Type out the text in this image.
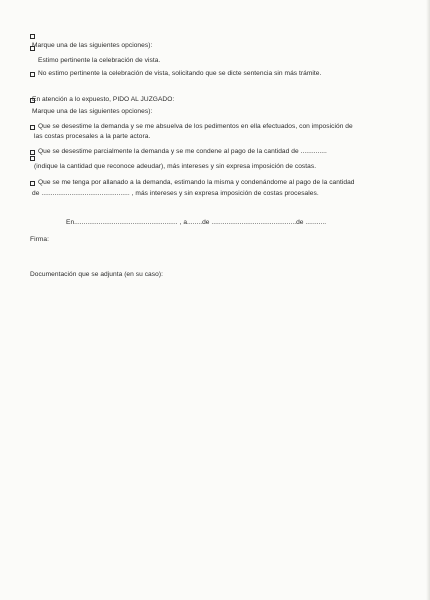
Marque una de las siguientes opciones):
Estimo pertinente la celebración de vista.
No estimo pertinente la celebración de vista, solicitando que se dicte sentencia sin más trámite.
En atención a lo expuesto, PIDO AL JUZGADO:
Marque una de las siguientes opciones):
Que se desestime la demanda y se me absuelva de los pedimentos en ella efectuados, con imposición de
las costas procesales a la parte actora.
Que se desestime parcialmente la demanda y se me condene al pago de la cantidad de ..............
(indique la cantidad que reconoce adeudar), más intereses y sin expresa imposición de costas.
Que se me tenga por allanado a la demanda, estimando la misma y condenándome al pago de la cantidad
de ............................................... , más intereses y sin expresa imposición de costas procesales.
En....................................................... , a........de .............................................de ...........
Firma:
Documentación que se adjunta (en su caso):
